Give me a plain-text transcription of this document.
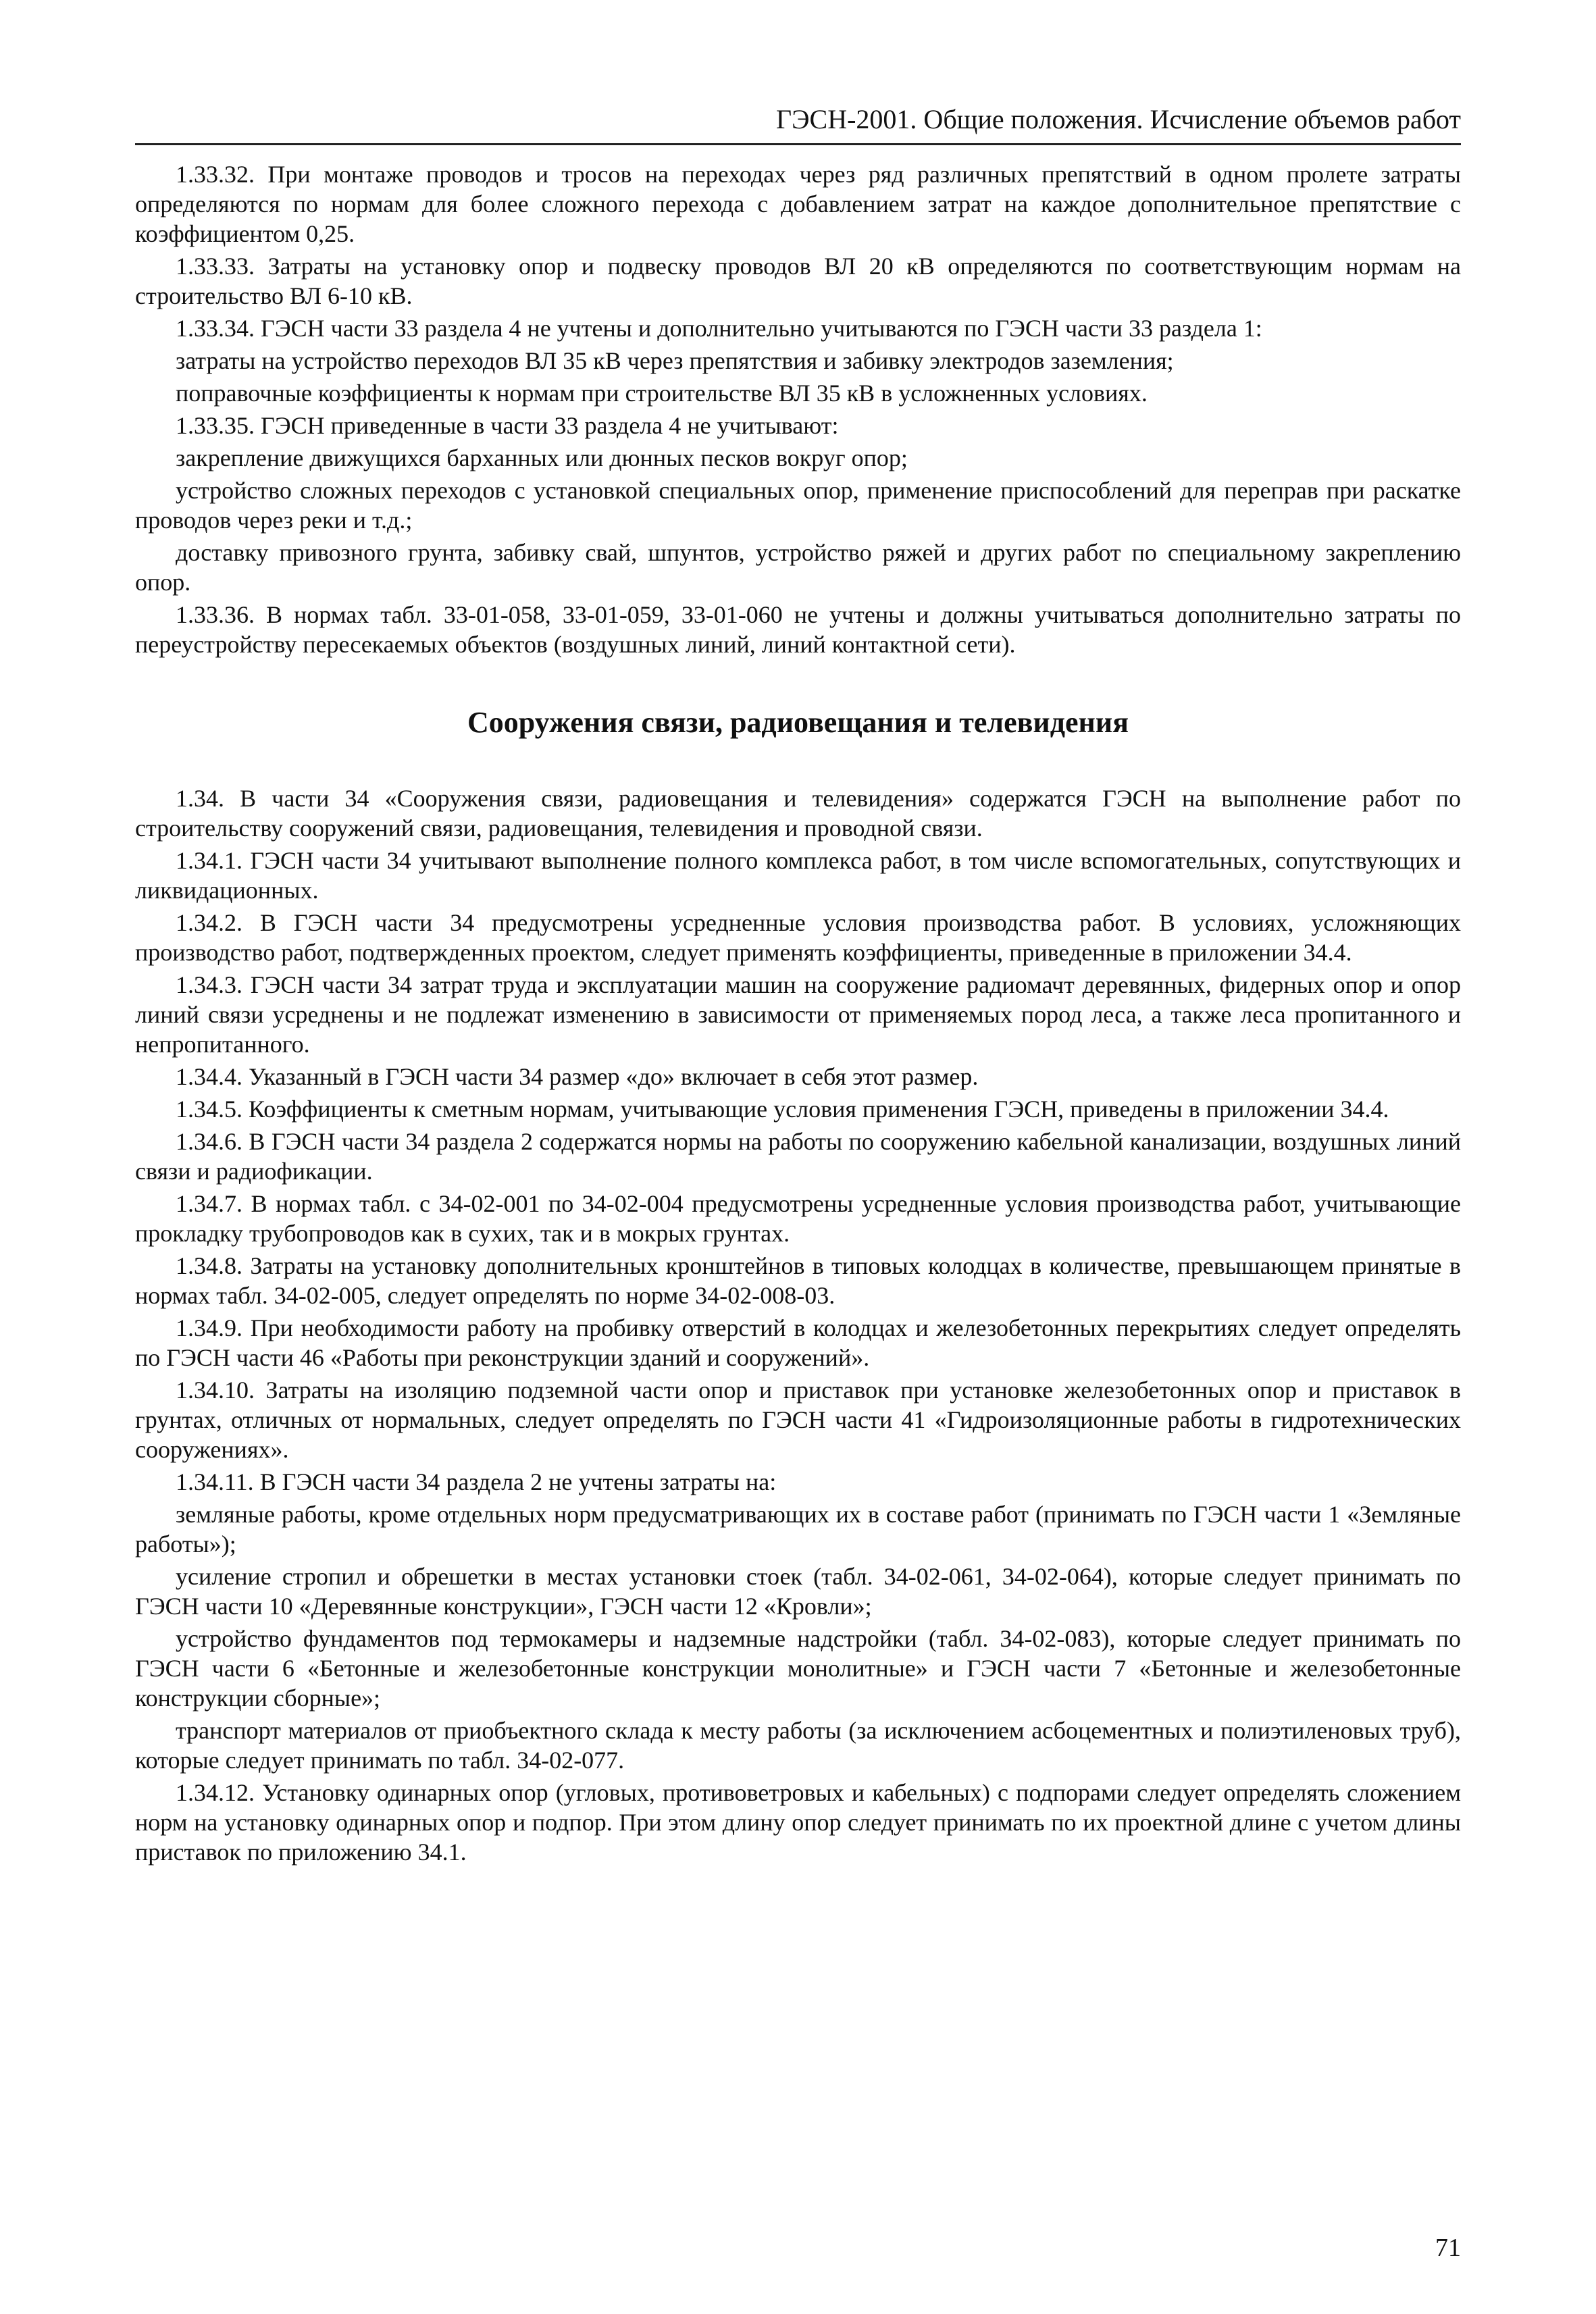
ГЭСН-2001. Общие положения. Исчисление объемов работ

1.33.32. При монтаже проводов и тросов на переходах через ряд различных препятствий в одном пролете затраты определяются по нормам для более сложного перехода с добавлением затрат на каждое дополнительное препятствие с коэффициентом 0,25.

1.33.33. Затраты на установку опор и подвеску проводов ВЛ 20 кВ определяются по соответствующим нормам на строительство ВЛ 6-10 кВ.

1.33.34. ГЭСН части 33 раздела 4 не учтены и дополнительно учитываются по ГЭСН части 33 раздела 1:

затраты на устройство переходов ВЛ 35 кВ через препятствия и забивку электродов заземления;

поправочные коэффициенты к нормам при строительстве ВЛ 35 кВ в усложненных условиях.

1.33.35. ГЭСН приведенные в части 33 раздела 4 не учитывают:

закрепление движущихся барханных или дюнных песков вокруг опор;

устройство сложных переходов с установкой специальных опор, применение приспособлений для переправ при раскатке проводов через реки и т.д.;

доставку привозного грунта, забивку свай, шпунтов, устройство ряжей и других работ по специальному закреплению опор.

1.33.36. В нормах табл. 33-01-058, 33-01-059, 33-01-060 не учтены и должны учитываться дополнительно затраты по переустройству пересекаемых объектов (воздушных линий, линий контактной сети).

Сооружения связи, радиовещания и телевидения

1.34. В части 34 «Сооружения связи, радиовещания и телевидения» содержатся ГЭСН на выполнение работ по строительству сооружений связи, радиовещания, телевидения и проводной связи.

1.34.1. ГЭСН части 34 учитывают выполнение полного комплекса работ, в том числе вспомогательных, сопутствующих и ликвидационных.

1.34.2. В ГЭСН части 34 предусмотрены усредненные условия производства работ. В условиях, усложняющих производство работ, подтвержденных проектом, следует применять коэффициенты, приведенные в приложении 34.4.

1.34.3. ГЭСН части 34 затрат труда и эксплуатации машин на сооружение радиомачт деревянных, фидерных опор и опор линий связи усреднены и не подлежат изменению в зависимости от применяемых пород леса, а также леса пропитанного и непропитанного.

1.34.4. Указанный в ГЭСН части 34 размер «до» включает в себя этот размер.

1.34.5. Коэффициенты к сметным нормам, учитывающие условия применения ГЭСН, приведены в приложении 34.4.

1.34.6. В ГЭСН части 34 раздела 2 содержатся нормы на работы по сооружению кабельной канализации, воздушных линий связи и радиофикации.

1.34.7. В нормах табл. с 34-02-001 по 34-02-004 предусмотрены усредненные условия производства работ, учитывающие прокладку трубопроводов как в сухих, так и в мокрых грунтах.

1.34.8. Затраты на установку дополнительных кронштейнов в типовых колодцах в количестве, превышающем принятые в нормах табл. 34-02-005, следует определять по норме 34-02-008-03.

1.34.9. При необходимости работу на пробивку отверстий в колодцах и железобетонных перекрытиях следует определять по ГЭСН части 46 «Работы при реконструкции зданий и сооружений».

1.34.10. Затраты на изоляцию подземной части опор и приставок при установке железобетонных опор и приставок в грунтах, отличных от нормальных, следует определять по ГЭСН части 41 «Гидроизоляционные работы в гидротехнических сооружениях».

1.34.11. В ГЭСН части 34 раздела 2 не учтены затраты на:

земляные работы, кроме отдельных норм предусматривающих их в составе работ (принимать по ГЭСН части 1 «Земляные работы»);

усиление стропил и обрешетки в местах установки стоек (табл. 34-02-061, 34-02-064), которые следует принимать по ГЭСН части 10 «Деревянные конструкции», ГЭСН части 12 «Кровли»;

устройство фундаментов под термокамеры и надземные надстройки (табл. 34-02-083), которые следует принимать по ГЭСН части 6 «Бетонные и железобетонные конструкции монолитные» и ГЭСН части 7 «Бетонные и железобетонные конструкции сборные»;

транспорт материалов от приобъектного склада к месту работы (за исключением асбоцементных и полиэтиленовых труб), которые следует принимать по табл. 34-02-077.

1.34.12. Установку одинарных опор (угловых, противоветровых и кабельных) с подпорами следует определять сложением норм на установку одинарных опор и подпор. При этом длину опор следует принимать по их проектной длине с учетом длины приставок по приложению 34.1.

71
